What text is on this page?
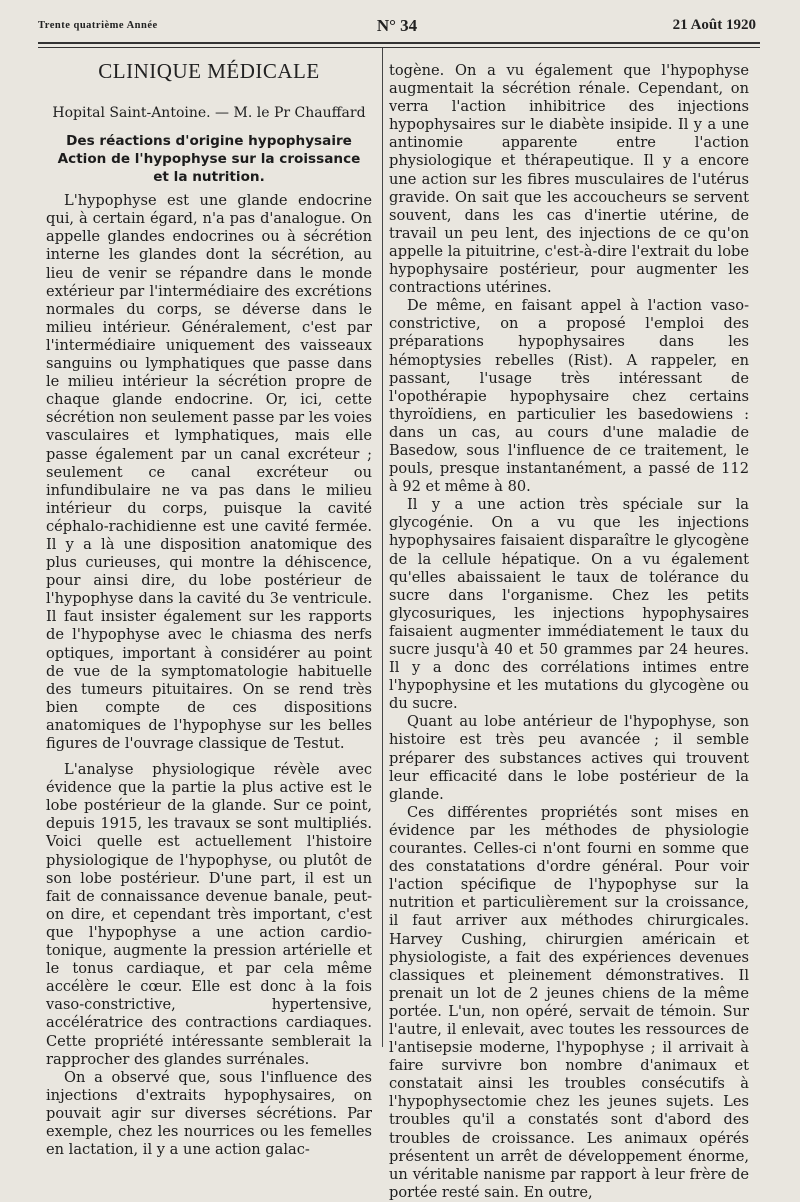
Trente quatrième Année	N° 34	21 Août 1920
CLINIQUE MÉDICALE
Hopital Saint-Antoine. — M. le Pr Chauffard
Des réactions d'origine hypophysaire
Action de l'hypophyse sur la croissance
et la nutrition.

L'hypophyse est une glande endocrine qui, à certain égard, n'a pas d'analogue. On appelle glandes endocrines ou à sécrétion interne les glandes dont la sécrétion, au lieu de venir se répandre dans le monde extérieur par l'intermédiaire des excrétions normales du corps, se déverse dans le milieu intérieur. Généralement, c'est par l'intermédiaire uniquement des vaisseaux sanguins ou lymphatiques que passe dans le milieu intérieur la sécrétion propre de chaque glande endocrine. Or, ici, cette sécrétion non seulement passe par les voies vasculaires et lymphatiques, mais elle passe également par un canal excréteur ; seulement ce canal excréteur ou infundibulaire ne va pas dans le milieu intérieur du corps, puisque la cavité céphalo-rachidienne est une cavité fermée. Il y a là une disposition anatomique des plus curieuses, qui montre la déhiscence, pour ainsi dire, du lobe postérieur de l'hypophyse dans la cavité du 3e ventricule. Il faut insister également sur les rapports de l'hypophyse avec le chiasma des nerfs optiques, important à considérer au point de vue de la symptomatologie habituelle des tumeurs pituitaires. On se rend très bien compte de ces dispositions anatomiques de l'hypophyse sur les belles figures de l'ouvrage classique de Testut.

L'analyse physiologique révèle avec évidence que la partie la plus active est le lobe postérieur de la glande. Sur ce point, depuis 1915, les travaux se sont multipliés. Voici quelle est actuellement l'histoire physiologique de l'hypophyse, ou plutôt de son lobe postérieur. D'une part, il est un fait de connaissance devenue banale, peut-on dire, et cependant très important, c'est que l'hypophyse a une action cardio-tonique, augmente la pression artérielle et le tonus cardiaque, et par cela même accélère le cœur. Elle est donc à la fois vaso-constrictive, hypertensive, accélératrice des contractions cardiaques. Cette propriété intéressante semblerait la rapprocher des glandes surrénales.

On a observé que, sous l'influence des injections d'extraits hypophysaires, on pouvait agir sur diverses sécrétions. Par exemple, chez les nourrices ou les femelles en lactation, il y a une action galac-

togène. On a vu également que l'hypophyse augmentait la sécrétion rénale. Cependant, on verra l'action inhibitrice des injections hypophysaires sur le diabète insipide. Il y a une antinomie apparente entre l'action physiologique et thérapeutique. Il y a encore une action sur les fibres musculaires de l'utérus gravide. On sait que les accoucheurs se servent souvent, dans les cas d'inertie utérine, de travail un peu lent, des injections de ce qu'on appelle la pituitrine, c'est-à-dire l'extrait du lobe hypophysaire postérieur, pour augmenter les contractions utérines.

De même, en faisant appel à l'action vaso-constrictive, on a proposé l'emploi des préparations hypophysaires dans les hémoptysies rebelles (Rist). A rappeler, en passant, l'usage très intéressant de l'opothérapie hypophysaire chez certains thyroïdiens, en particulier les basedowiens : dans un cas, au cours d'une maladie de Basedow, sous l'influence de ce traitement, le pouls, presque instantanément, a passé de 112 à 92 et même à 80.

Il y a une action très spéciale sur la glycogénie. On a vu que les injections hypophysaires faisaient disparaître le glycogène de la cellule hépatique. On a vu également qu'elles abaissaient le taux de tolérance du sucre dans l'organisme. Chez les petits glycosuriques, les injections hypophysaires faisaient augmenter immédiatement le taux du sucre jusqu'à 40 et 50 grammes par 24 heures. Il y a donc des corrélations intimes entre l'hypophysine et les mutations du glycogène ou du sucre.

Quant au lobe antérieur de l'hypophyse, son histoire est très peu avancée ; il semble préparer des substances actives qui trouvent leur efficacité dans le lobe postérieur de la glande.

Ces différentes propriétés sont mises en évidence par les méthodes de physiologie courantes. Celles-ci n'ont fourni en somme que des constatations d'ordre général. Pour voir l'action spécifique de l'hypophyse sur la nutrition et particulièrement sur la croissance, il faut arriver aux méthodes chirurgicales. Harvey Cushing, chirurgien américain et physiologiste, a fait des expériences devenues classiques et pleinement démonstratives. Il prenait un lot de 2 jeunes chiens de la même portée. L'un, non opéré, servait de témoin. Sur l'autre, il enlevait, avec toutes les ressources de l'antisepsie moderne, l'hypophyse ; il arrivait à faire survivre bon nombre d'animaux et constatait ainsi les troubles consécutifs à l'hypophysectomie chez les jeunes sujets. Les troubles qu'il a constatés sont d'abord des troubles de croissance. Les animaux opérés présentent un arrêt de développement énorme, un véritable nanisme par rapport à leur frère de portée resté sain. En outre,
